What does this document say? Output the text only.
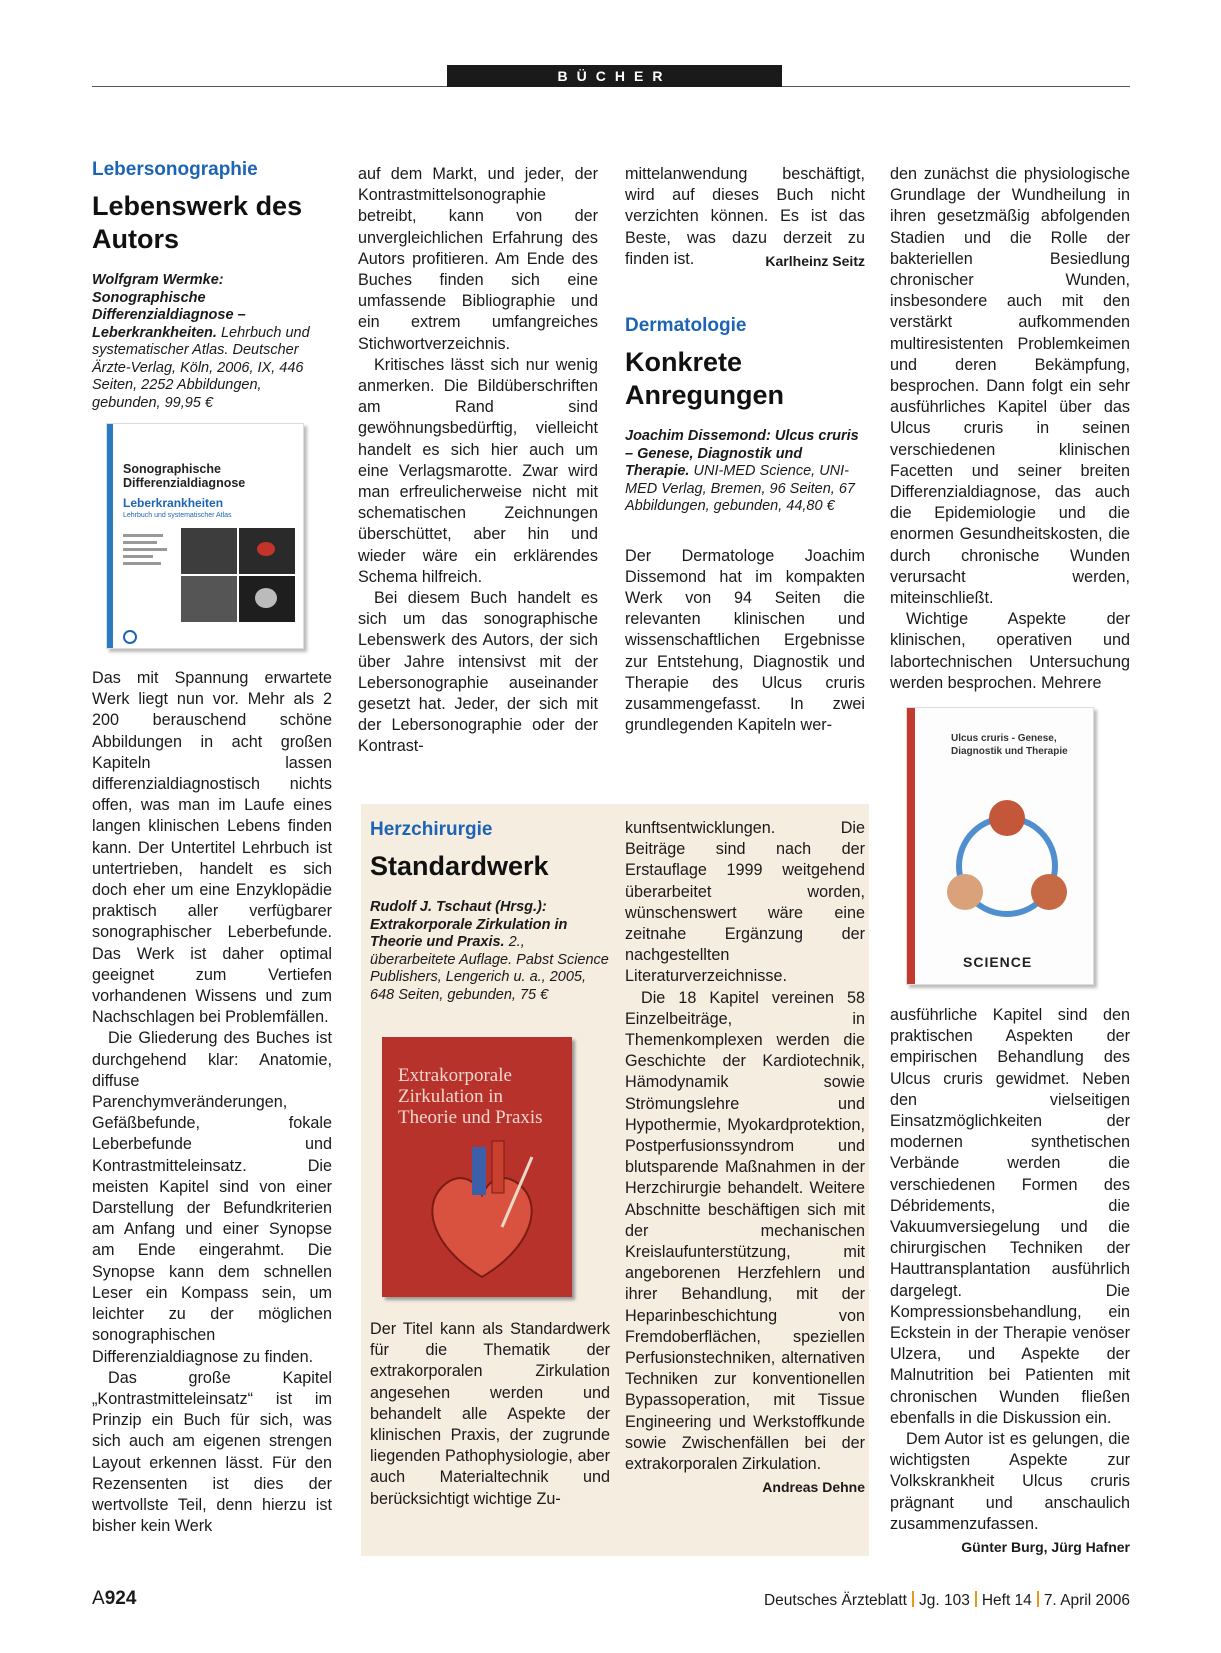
BÜCHER
Lebersonographie
Lebenswerk des Autors
Wolfgram Wermke: Sonographische Differenzialdiagnose – Leberkrankheiten. Lehrbuch und systematischer Atlas. Deutscher Ärzte-Verlag, Köln, 2006, IX, 446 Seiten, 2252 Abbildungen, gebunden, 99,95 €
Sonographische Differenzialdiagnose
Leberkrankheiten
Lehrbuch und systematischer Atlas

Das mit Spannung erwartete Werk liegt nun vor. Mehr als 2 200 berauschend schöne Abbildungen in acht großen Kapiteln lassen differenzialdiagnostisch nichts offen, was man im Laufe eines langen klinischen Lebens finden kann. Der Untertitel Lehrbuch ist untertrieben, handelt es sich doch eher um eine Enzyklopädie praktisch aller verfügbarer sonographischer Leberbefunde. Das Werk ist daher optimal geeignet zum Vertiefen vorhandenen Wissens und zum Nachschlagen bei Problemfällen.

Die Gliederung des Buches ist durchgehend klar: Anatomie, diffuse Parenchymveränderungen, Gefäßbefunde, fokale Leberbefunde und Kontrastmitteleinsatz. Die meisten Kapitel sind von einer Darstellung der Befundkriterien am Anfang und einer Synopse am Ende eingerahmt. Die Synopse kann dem schnellen Leser ein Kompass sein, um leichter zu der möglichen sonographischen Differenzialdiagnose zu finden.

Das große Kapitel „Kontrastmitteleinsatz“ ist im Prinzip ein Buch für sich, was sich auch am eigenen strengen Layout erkennen lässt. Für den Rezensenten ist dies der wertvollste Teil, denn hierzu ist bisher kein Werk

auf dem Markt, und jeder, der Kontrastmittelsonographie betreibt, kann von der unvergleichlichen Erfahrung des Autors profitieren. Am Ende des Buches finden sich eine umfassende Bibliographie und ein extrem umfangreiches Stichwortverzeichnis.

Kritisches lässt sich nur wenig anmerken. Die Bildüberschriften am Rand sind gewöhnungsbedürftig, vielleicht handelt es sich hier auch um eine Verlagsmarotte. Zwar wird man erfreulicherweise nicht mit schematischen Zeichnungen überschüttet, aber hin und wieder wäre ein erklärendes Schema hilfreich.

Bei diesem Buch handelt es sich um das sonographische Lebenswerk des Autors, der sich über Jahre intensivst mit der Lebersonographie auseinander gesetzt hat. Jeder, der sich mit der Lebersonographie oder der Kontrast-

mittelanwendung beschäftigt, wird auf dieses Buch nicht verzichten können. Es ist das Beste, was dazu derzeit zu finden ist.	Karlheinz Seitz

Dermatologie
Konkrete Anregungen
Joachim Dissemond: Ulcus cruris – Genese, Diagnostik und Therapie. UNI-MED Science, UNI-MED Verlag, Bremen, 96 Seiten, 67 Abbildungen, gebunden, 44,80 €

Der Dermatologe Joachim Dissemond hat im kompakten Werk von 94 Seiten die relevanten klinischen und wissenschaftlichen Ergebnisse zur Entstehung, Diagnostik und Therapie des Ulcus cruris zusammengefasst. In zwei grundlegenden Kapiteln wer-

den zunächst die physiologische Grundlage der Wundheilung in ihren gesetzmäßig abfolgenden Stadien und die Rolle der bakteriellen Besiedlung chronischer Wunden, insbesondere auch mit den verstärkt aufkommenden multiresistenten Problemkeimen und deren Bekämpfung, besprochen. Dann folgt ein sehr ausführliches Kapitel über das Ulcus cruris in seinen verschiedenen klinischen Facetten und seiner breiten Differenzialdiagnose, das auch die Epidemiologie und die enormen Gesundheitskosten, die durch chronische Wunden verursacht werden, miteinschließt.

Wichtige Aspekte der klinischen, operativen und labortechnischen Untersuchung werden besprochen. Mehrere

Ulcus cruris - Genese, Diagnostik und Therapie
SCIENCE

ausführliche Kapitel sind den praktischen Aspekten der empirischen Behandlung des Ulcus cruris gewidmet. Neben den vielseitigen Einsatzmöglichkeiten der modernen synthetischen Verbände werden die verschiedenen Formen des Débridements, die Vakuumversiegelung und die chirurgischen Techniken der Hauttransplantation ausführlich dargelegt. Die Kompressionsbehandlung, ein Eckstein in der Therapie venöser Ulzera, und Aspekte der Malnutrition bei Patienten mit chronischen Wunden fließen ebenfalls in die Diskussion ein.

Dem Autor ist es gelungen, die wichtigsten Aspekte zur Volkskrankheit Ulcus cruris prägnant und anschaulich zusammenzufassen.

Günter Burg, Jürg Hafner
Herzchirurgie
Standardwerk
Rudolf J. Tschaut (Hrsg.): Extrakorporale Zirkulation in Theorie und Praxis. 2., überarbeitete Auflage. Pabst Science Publishers, Lengerich u. a., 2005, 648 Seiten, gebunden, 75 €
Extrakorporale Zirkulation in Theorie und Praxis

Der Titel kann als Standardwerk für die Thematik der extrakorporalen Zirkulation angesehen werden und behandelt alle Aspekte der klinischen Praxis, der zugrunde liegenden Pathophysiologie, aber auch Materialtechnik und berücksichtigt wichtige Zu-

kunftsentwicklungen. Die Beiträge sind nach der Erstauflage 1999 weitgehend überarbeitet worden, wünschenswert wäre eine zeitnahe Ergänzung der nachgestellten Literaturverzeichnisse.

Die 18 Kapitel vereinen 58 Einzelbeiträge, in Themenkomplexen werden die Geschichte der Kardiotechnik, Hämodynamik sowie Strömungslehre und Hypothermie, Myokardprotektion, Postperfusionssyndrom und blutsparende Maßnahmen in der Herzchirurgie behandelt. Weitere Abschnitte beschäftigen sich mit der mechanischen Kreislaufunterstützung, mit angeborenen Herzfehlern und ihrer Behandlung, mit der Heparinbeschichtung von Fremdoberflächen, speziellen Perfusionstechniken, alternativen Techniken zur konventionellen Bypassoperation, mit Tissue Engineering und Werkstoffkunde sowie Zwischenfällen bei der extrakorporalen Zirkulation.
Andreas Dehne

A924	Deutsches Ärzteblatt Jg. 103 Heft 14 7. April 2006
